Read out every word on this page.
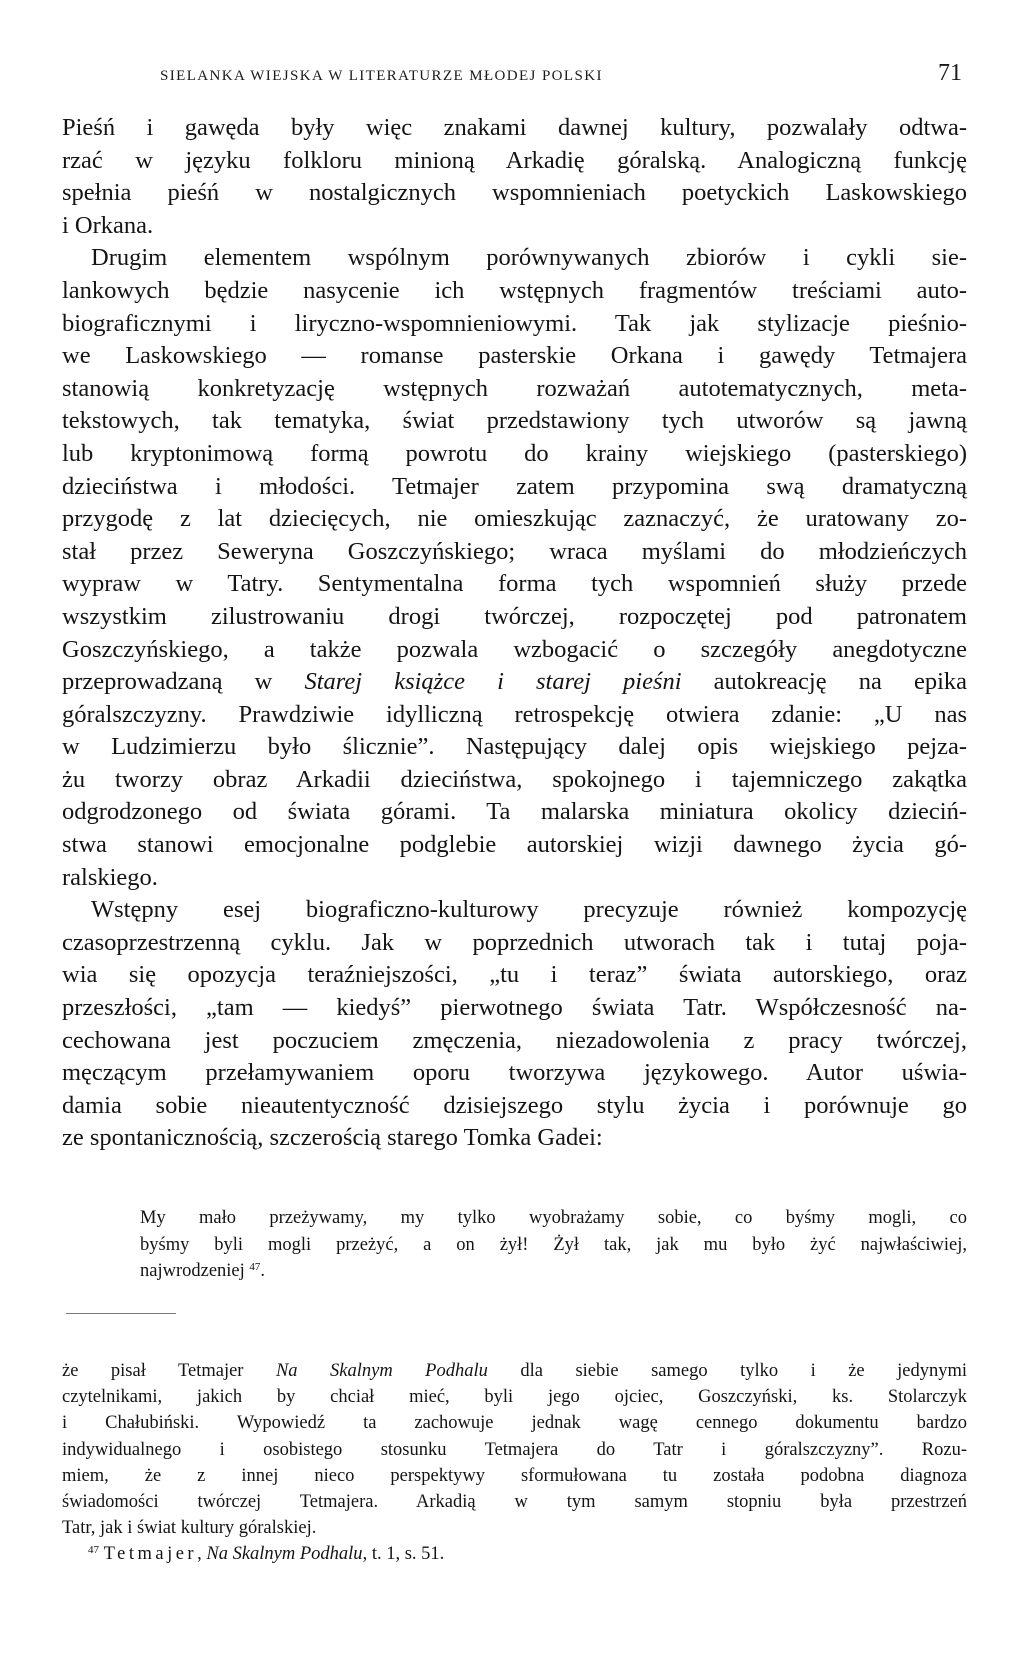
SIELANKA WIEJSKA W LITERATURZE MŁODEJ POLSKI	71
Pieśń i gawęda były więc znakami dawnej kultury, pozwalały odtwa-
rzać w języku folkloru minioną Arkadię góralską. Analogiczną funkcję
spełnia pieśń w nostalgicznych wspomnieniach poetyckich Laskowskiego
i Orkana.
Drugim elementem wspólnym porównywanych zbiorów i cykli sie-
lankowych będzie nasycenie ich wstępnych fragmentów treściami auto-
biograficznymi i liryczno-wspomnieniowymi. Tak jak stylizacje pieśnio-
we Laskowskiego — romanse pasterskie Orkana i gawędy Tetmajera
stanowią konkretyzację wstępnych rozważań autotematycznych, meta-
tekstowych, tak tematyka, świat przedstawiony tych utworów są jawną
lub kryptonimową formą powrotu do krainy wiejskiego (pasterskiego)
dzieciństwa i młodości. Tetmajer zatem przypomina swą dramatyczną
przygodę z lat dziecięcych, nie omieszkując zaznaczyć, że uratowany zo-
stał przez Seweryna Goszczyńskiego; wraca myślami do młodzieńczych
wypraw w Tatry. Sentymentalna forma tych wspomnień służy przede
wszystkim zilustrowaniu drogi twórczej, rozpoczętej pod patronatem
Goszczyńskiego, a także pozwala wzbogacić o szczegóły anegdotyczne
przeprowadzaną w Starej książce i starej pieśni autokreację na epika
góralszczyzny. Prawdziwie idylliczną retrospekcję otwiera zdanie: „U nas
w Ludzimierzu było ślicznie”. Następujący dalej opis wiejskiego pejza-
żu tworzy obraz Arkadii dzieciństwa, spokojnego i tajemniczego zakątka
odgrodzonego od świata górami. Ta malarska miniatura okolicy dzieciń-
stwa stanowi emocjonalne podglebie autorskiej wizji dawnego życia gó-
ralskiego.
Wstępny esej biograficzno-kulturowy precyzuje również kompozycję
czasoprzestrzenną cyklu. Jak w poprzednich utworach tak i tutaj poja-
wia się opozycja teraźniejszości, „tu i teraz” świata autorskiego, oraz
przeszłości, „tam — kiedyś” pierwotnego świata Tatr. Współczesność na-
cechowana jest poczuciem zmęczenia, niezadowolenia z pracy twórczej,
męczącym przełamywaniem oporu tworzywa językowego. Autor uświa-
damia sobie nieautentyczność dzisiejszego stylu życia i porównuje go
ze spontanicznością, szczerością starego Tomka Gadei:
My mało przeżywamy, my tylko wyobrażamy sobie, co byśmy mogli, co
byśmy byli mogli przeżyć, a on żył! Żył tak, jak mu było żyć najwłaściwiej,
najwrodzeniej $^{47}$.
że pisał Tetmajer Na Skalnym Podhalu dla siebie samego tylko i że jedynymi
czytelnikami, jakich by chciał mieć, byli jego ojciec, Goszczyński, ks. Stolarczyk
i Chałubiński. Wypowiedź ta zachowuje jednak wagę cennego dokumentu bardzo
indywidualnego i osobistego stosunku Tetmajera do Tatr i góralszczyzny”. Rozu-
miem, że z innej nieco perspektywy sformułowana tu została podobna diagnoza
świadomości twórczej Tetmajera. Arkadią w tym samym stopniu była przestrzeń
Tatr, jak i świat kultury góralskiej.
$^{47}$ Tetmajer, Na Skalnym Podhalu, t. 1, s. 51.
